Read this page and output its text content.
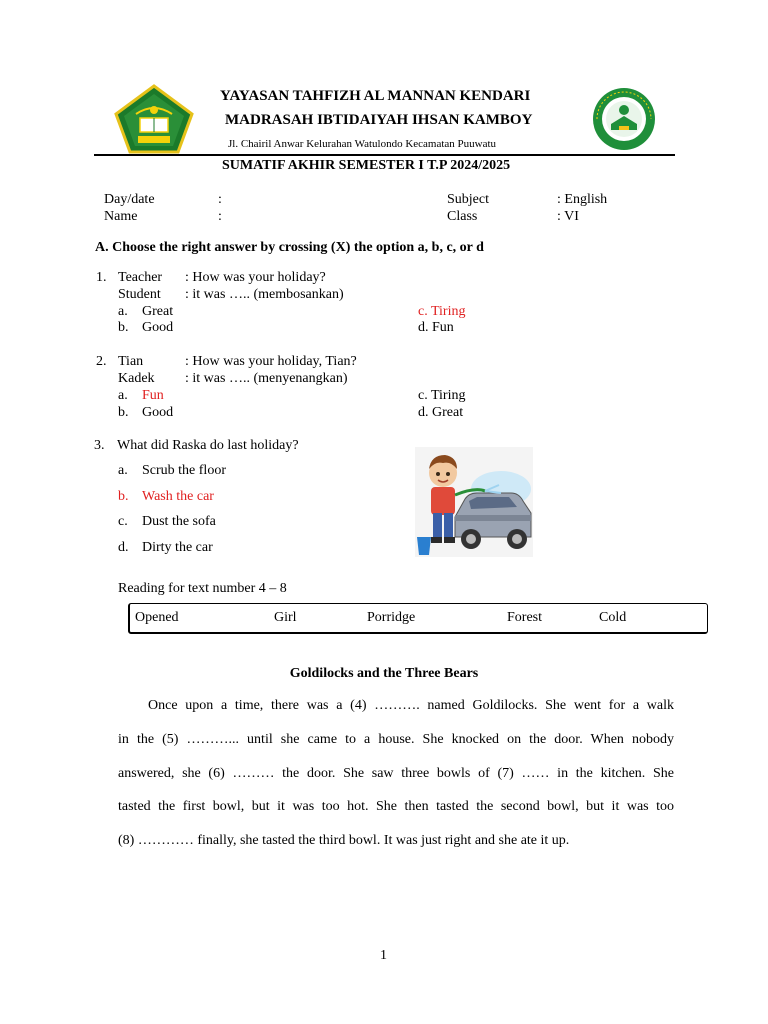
YAYASAN TAHFIZH AL MANNAN KENDARI
MADRASAH IBTIDAIYAH IHSAN KAMBOY
Jl. Chairil Anwar Kelurahan Watulondo Kecamatan Puuwatu
SUMATIF AKHIR SEMESTER I T.P 2024/2025
Day/date	:
Name	:
Subject	: English
Class	: VI
A. Choose the right answer by crossing (X) the option a, b, c, or d
1. Teacher : How was your holiday?
Student : it was ….. (membosankan)
a. Great
b. Good
c. Tiring
d. Fun
2. Tian	: How was your holiday, Tian?
Kadek : it was ….. (menyenangkan)
a. Fun
b. Good
c. Tiring
d. Great
3. What did Raska do last holiday?
a. Scrub the floor
b. Wash the car
c. Dust the sofa
d. Dirty the car
Reading for text number 4 – 8
Opened	Girl	Porridge	Forest	Cold
Goldilocks and the Three Bears
Once upon a time, there was a (4) ………. named Goldilocks. She went for a walk
in the (5) ………... until she came to a house. She knocked on the door. When nobody
answered, she (6) ……… the door. She saw three bowls of (7) …… in the kitchen. She
tasted the first bowl, but it was too hot. She then tasted the second bowl, but it was too
(8) ………… finally, she tasted the third bowl. It was just right and she ate it up.
1
